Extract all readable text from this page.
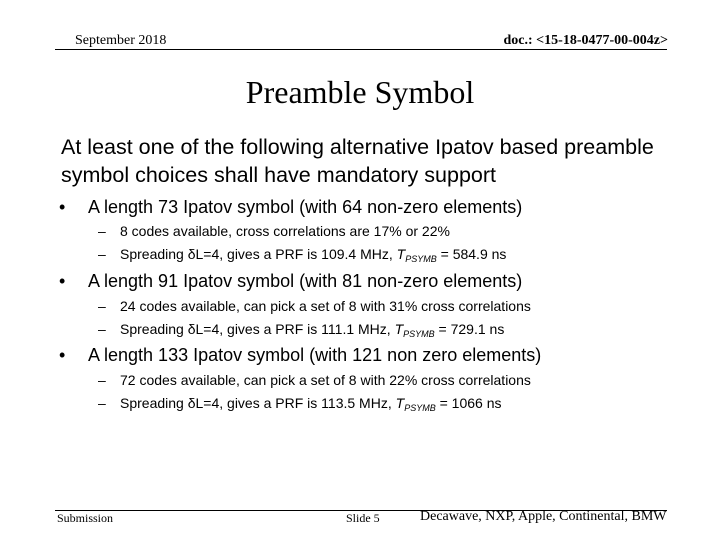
September 2018	doc.: <15-18-0477-00-004z>
Preamble Symbol
At least one of the following alternative Ipatov based preamble symbol choices shall have mandatory support
• A length 73 Ipatov symbol (with 64 non-zero elements)
– 8 codes available, cross correlations are 17% or 22%
– Spreading δL=4, gives a PRF is 109.4 MHz, $T_{PSYMB} = 584.9$ ns
• A length 91 Ipatov symbol (with 81 non-zero elements)
– 24 codes available, can pick a set of 8 with 31% cross correlations
– Spreading δL=4, gives a PRF is 111.1 MHz, $T_{PSYMB} = 729.1$ ns
• A length 133 Ipatov symbol (with 121 non zero elements)
– 72 codes available, can pick a set of 8 with 22% cross correlations
– Spreading δL=4, gives a PRF is 113.5 MHz, $T_{PSYMB} = 1066$ ns
Submission	Slide 5	Decawave, NXP, Apple, Continental, BMW
